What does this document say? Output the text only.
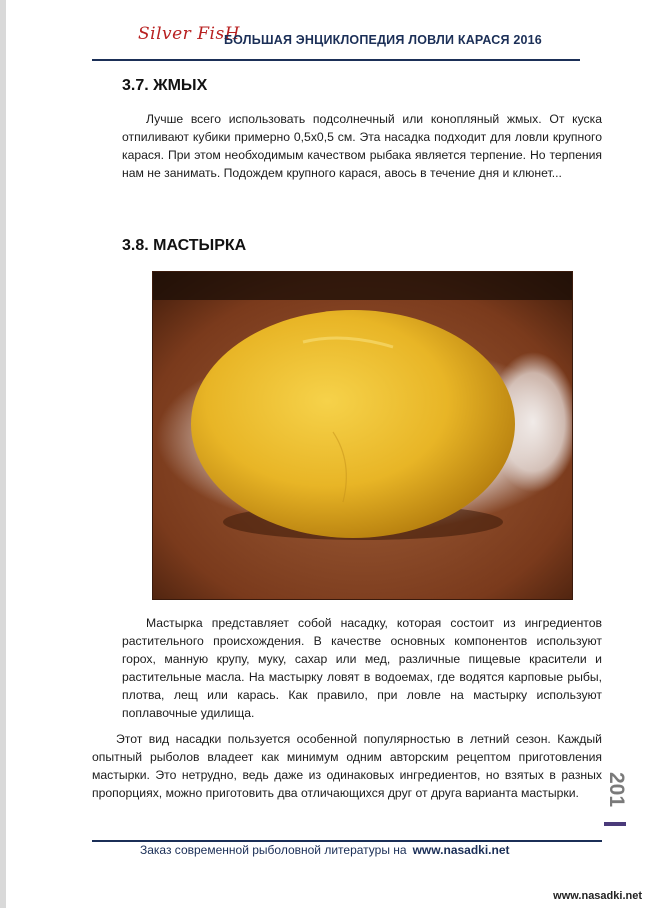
Silver FisH
БОЛЬШАЯ ЭНЦИКЛОПЕДИЯ ЛОВЛИ КАРАСЯ 2016
3.7. ЖМЫХ

Лучше всего использовать подсолнечный или конопляный жмых. От куска отпиливают кубики примерно 0,5х0,5 см. Эта насадка подходит для ловли крупного карася. При этом необходимым качеством рыбака является терпение. Но терпения нам не занимать. Подождем крупного карася, авось в течение дня и клюнет...

3.8. МАСТЫРКА

Мастырка представляет собой насадку, которая состоит из ингредиентов растительного происхождения. В качестве основных компонентов используют горох, манную крупу, муку, сахар или мед, различные пищевые красители и растительные масла. На мастырку ловят в водоемах, где водятся карповые рыбы, плотва, лещ или карась. Как правило, при ловле на мастырку используют поплавочные удилища.

Этот вид насадки пользуется особенной популярностью в летний сезон. Каждый опытный рыболов владеет как минимум одним авторским рецептом приготовления мастырки. Это нетрудно, ведь даже из одинаковых ингредиентов, но взятых в разных пропорциях, можно приготовить два отличающихся друг от друга варианта мастырки.	201
Заказ современной рыболовной литературы на www.nasadki.net
www.nasadki.net
